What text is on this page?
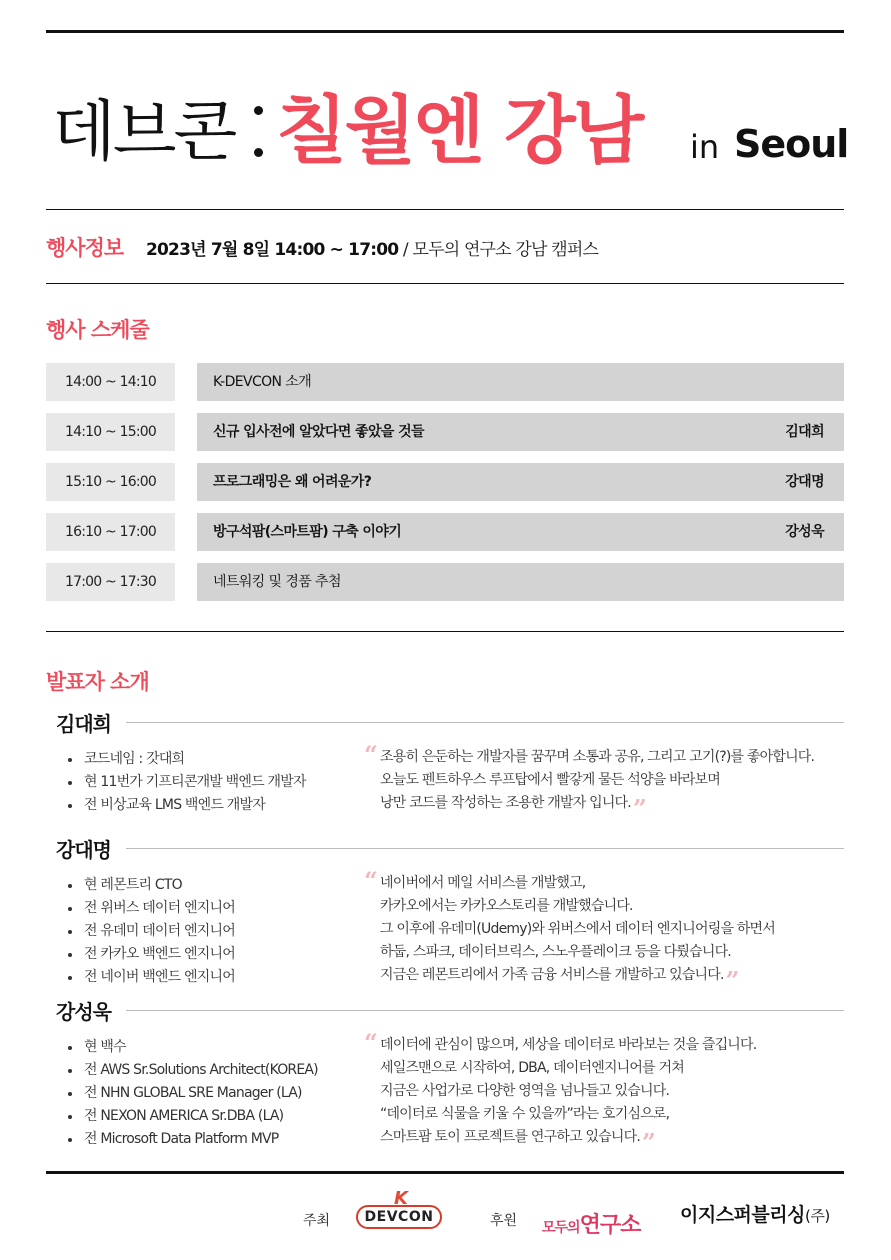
데브콘 칠월엔 강남 in Seoul
행사정보 2023년 7월 8일 14:00 ~ 17:00 / 모두의 연구소 강남 캠퍼스
행사 스케줄
14:00 ~ 14:10	K-DEVCON 소개
14:10 ~ 15:00	신규 입사전에 알았다면 좋았을 것들	김대희
15:10 ~ 16:00	프로그래밍은 왜 어려운가?	강대명
16:10 ~ 17:00	방구석팜(스마트팜) 구축 이야기	강성욱
17:00 ~ 17:30	네트워킹 및 경품 추첨
발표자 소개
김대희
코드네임 : 갓대희
현 11번가 기프티콘개발 백엔드 개발자
전 비상교육 LMS 백엔드 개발자
“ 조용히 은둔하는 개발자를 꿈꾸며 소통과 공유, 그리고 고기(?)를 좋아합니다.

오늘도 펜트하우스 루프탑에서 빨갛게 물든 석양을 바라보며

낭만 코드를 작성하는 조용한 개발자 입니다.”

강대명
현 레몬트리 CTO
전 위버스 데이터 엔지니어
전 유데미 데이터 엔지니어
전 카카오 백엔드 엔지니어
전 네이버 백엔드 엔지니어
“ 네이버에서 메일 서비스를 개발했고,

카카오에서는 카카오스토리를 개발했습니다.

그 이후에 유데미(Udemy)와 위버스에서 데이터 엔지니어링을 하면서

하둡, 스파크, 데이터브릭스, 스노우플레이크 등을 다뤘습니다.

지금은 레몬트리에서 가족 금융 서비스를 개발하고 있습니다.”

강성욱
현 백수
전 AWS Sr.Solutions Architect(KOREA)
전 NHN GLOBAL SRE Manager (LA)
전 NEXON AMERICA Sr.DBA (LA)
전 Microsoft Data Platform MVP
“ 데이터에 관심이 많으며, 세상을 데이터로 바라보는 것을 즐깁니다.

세일즈맨으로 시작하여, DBA, 데이터엔지니어를 거쳐

지금은 사업가로 다양한 영역을 넘나들고 있습니다.

“데이터로 식물을 키울 수 있을까”라는 호기심으로,

스마트팜 토이 프로젝트를 연구하고 있습니다.”

주최
K
DEVCON	후원 모두의연구소 이지스퍼블리싱(주)
